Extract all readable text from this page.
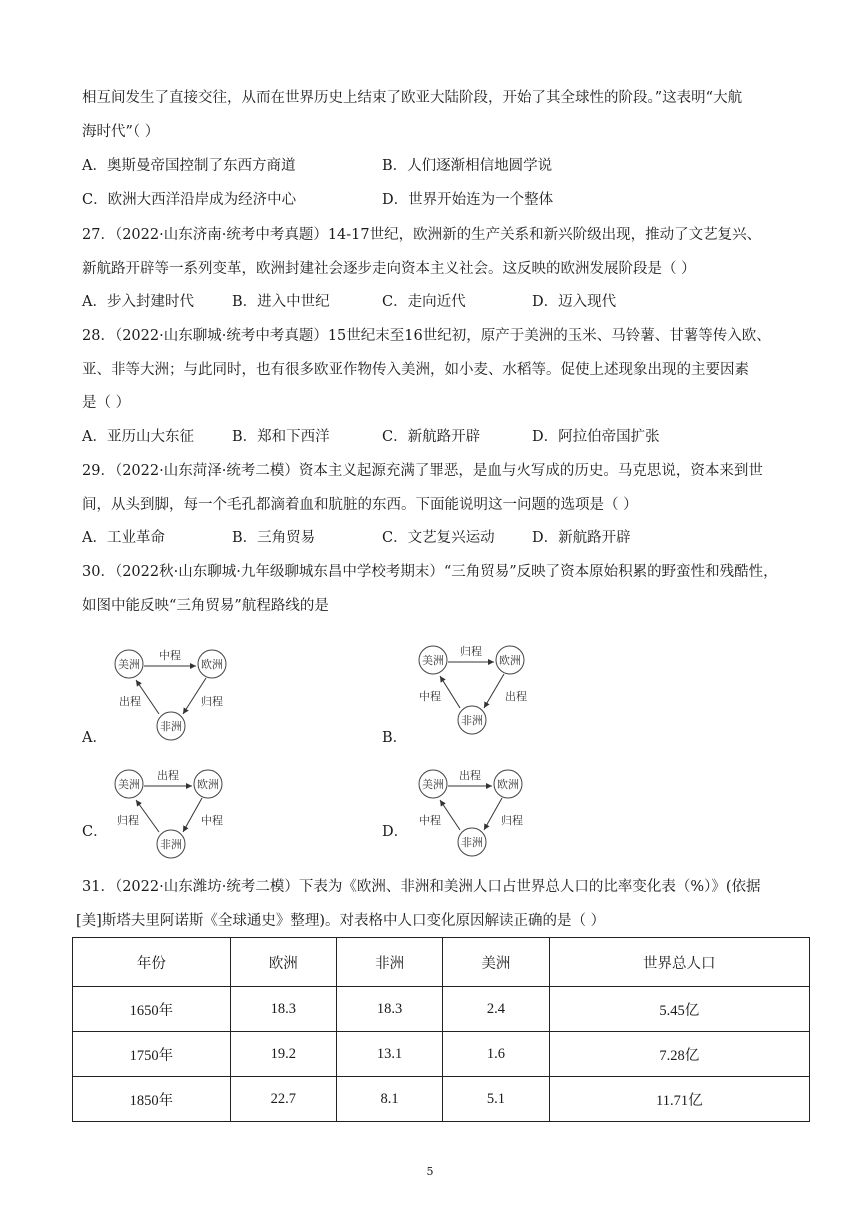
相互间发生了直接交往，从而在世界历史上结束了欧亚大陆阶段，开始了其全球性的阶段。”这表明“大航
海时代”（ ）
A．奥斯曼帝国控制了东西方商道	B．人们逐渐相信地圆学说
C．欧洲大西洋沿岸成为经济中心	D．世界开始连为一个整体
27．（2022·山东济南·统考中考真题）14-17世纪，欧洲新的生产关系和新兴阶级出现，推动了文艺复兴、
新航路开辟等一系列变革，欧洲封建社会逐步走向资本主义社会。这反映的欧洲发展阶段是（ ）
A．步入封建时代	B．进入中世纪	C．走向近代	D．迈入现代
28．（2022·山东聊城·统考中考真题）15世纪末至16世纪初，原产于美洲的玉米、马铃薯、甘薯等传入欧、
亚、非等大洲；与此同时，也有很多欧亚作物传入美洲，如小麦、水稻等。促使上述现象出现的主要因素
是（ ）
A．亚历山大东征	B．郑和下西洋	C．新航路开辟	D．阿拉伯帝国扩张
29．（2022·山东菏泽·统考二模）资本主义起源充满了罪恶，是血与火写成的历史。马克思说，资本来到世
间，从头到脚，每一个毛孔都滴着血和肮脏的东西。下面能说明这一问题的选项是（ ）
A．工业革命	B．三角贸易	C．文艺复兴运动	D．新航路开辟
30．（2022秋·山东聊城·九年级聊城东昌中学校考期末）“三角贸易”反映了资本原始积累的野蛮性和残酷性，
如图中能反映“三角贸易”航程路线的是
A．
美洲	欧洲
非洲
中程
归程
出程
B．
美洲	欧洲
非洲
归程
出程
中程
C．
美洲	欧洲
非洲
出程
中程
归程
D．
美洲	欧洲
非洲
出程
归程
中程
31．（2022·山东潍坊·统考二模）下表为《欧洲、非洲和美洲人口占世界总人口的比率变化表（%）》(依据
[美]斯塔夫里阿诺斯《全球通史》整理)。对表格中人口变化原因解读正确的是（ ）
年份	欧洲	非洲	美洲	世界总人口
1650年	18.3	18.3	2.4	5.45亿
1750年	19.2	13.1	1.6	7.28亿
1850年	22.7	8.1	5.1	11.71亿
5
